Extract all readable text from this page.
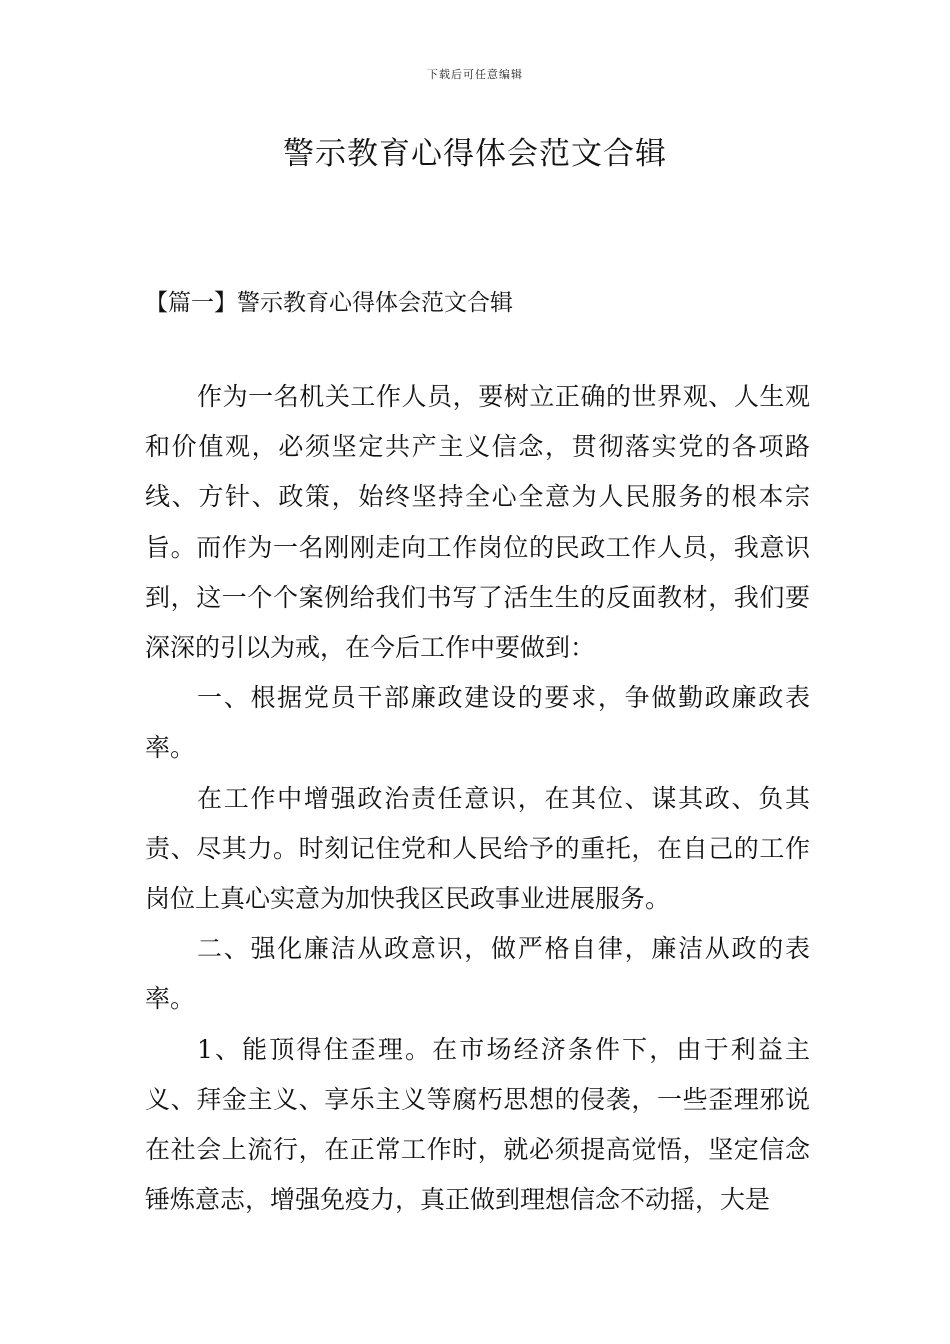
下载后可任意编辑
警示教育心得体会范文合辑
【篇一】警示教育心得体会范文合辑

作为一名机关工作人员，要树立正确的世界观、人生观和价值观，必须坚定共产主义信念，贯彻落实党的各项路线、方针、政策，始终坚持全心全意为人民服务的根本宗旨。而作为一名刚刚走向工作岗位的民政工作人员，我意识到，这一个个案例给我们书写了活生生的反面教材，我们要深深的引以为戒，在今后工作中要做到：

一、根据党员干部廉政建设的要求，争做勤政廉政表率。

在工作中增强政治责任意识，在其位、谋其政、负其责、尽其力。时刻记住党和人民给予的重托，在自己的工作岗位上真心实意为加快我区民政事业进展服务。

二、强化廉洁从政意识，做严格自律，廉洁从政的表率。

1、能顶得住歪理。在市场经济条件下，由于利益主义、拜金主义、享乐主义等腐朽思想的侵袭，一些歪理邪说在社会上流行，在正常工作时，就必须提高觉悟，坚定信念锤炼意志，增强免疫力，真正做到理想信念不动摇，大是
